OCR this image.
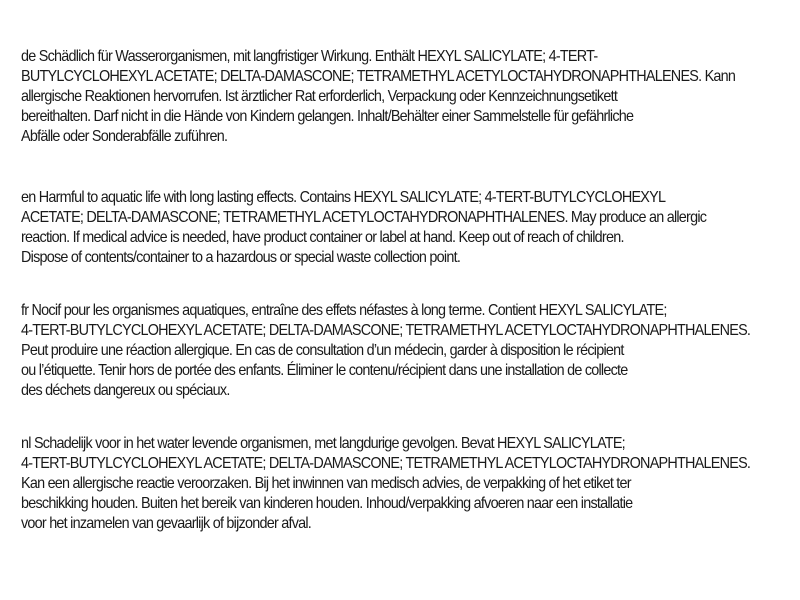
de Schädlich für Wasserorganismen, mit langfristiger Wirkung. Enthält HEXYL SALICYLATE; 4-TERT-
BUTYLCYCLOHEXYL ACETATE; DELTA-DAMASCONE; TETRAMETHYL ACETYLOCTAHYDRONAPHTHALENES. Kann
allergische Reaktionen hervorrufen. Ist ärztlicher Rat erforderlich, Verpackung oder Kennzeichnungsetikett
bereithalten. Darf nicht in die Hände von Kindern gelangen. Inhalt/Behälter einer Sammelstelle für gefährliche
Abfälle oder Sonderabfälle zuführen.
en Harmful to aquatic life with long lasting effects. Contains HEXYL SALICYLATE; 4-TERT-BUTYLCYCLOHEXYL
ACETATE; DELTA-DAMASCONE; TETRAMETHYL ACETYLOCTAHYDRONAPHTHALENES. May produce an allergic
reaction. If medical advice is needed, have product container or label at hand. Keep out of reach of children.
Dispose of contents/container to a hazardous or special waste collection point.
fr Nocif pour les organismes aquatiques, entraîne des effets néfastes à long terme. Contient HEXYL SALICYLATE;
4-TERT-BUTYLCYCLOHEXYL ACETATE; DELTA-DAMASCONE; TETRAMETHYL ACETYLOCTAHYDRONAPHTHALENES.
Peut produire une réaction allergique. En cas de consultation d’un médecin, garder à disposition le récipient
ou l’étiquette. Tenir hors de portée des enfants. Éliminer le contenu/récipient dans une installation de collecte
des déchets dangereux ou spéciaux.
nl Schadelijk voor in het water levende organismen, met langdurige gevolgen. Bevat HEXYL SALICYLATE;
4-TERT-BUTYLCYCLOHEXYL ACETATE; DELTA-DAMASCONE; TETRAMETHYL ACETYLOCTAHYDRONAPHTHALENES.
Kan een allergische reactie veroorzaken. Bij het inwinnen van medisch advies, de verpakking of het etiket ter
beschikking houden. Buiten het bereik van kinderen houden. Inhoud/verpakking afvoeren naar een installatie
voor het inzamelen van gevaarlijk of bijzonder afval.
